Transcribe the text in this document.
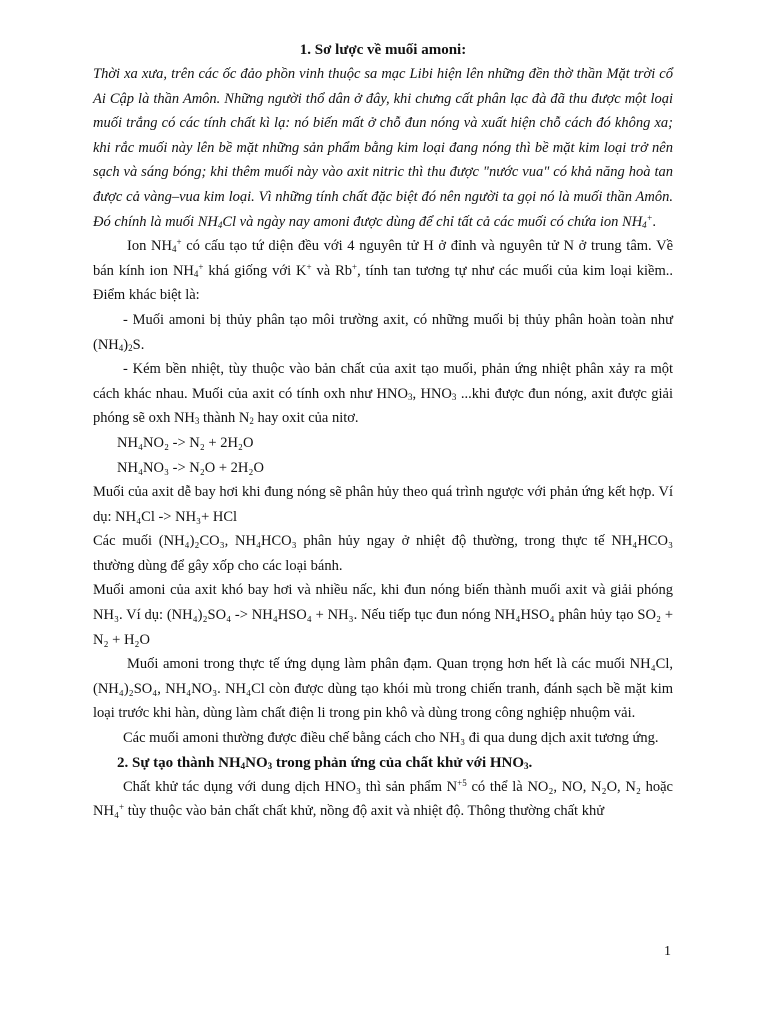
1. Sơ lược về muối amoni:

Thời xa xưa, trên các ốc đảo phồn vinh thuộc sa mạc Libi hiện lên những đền thờ thần Mặt trời cổ Ai Cập là thần Amôn. Những người thổ dân ở đây, khi chưng cất phân lạc đà đã thu được một loại muối trắng có các tính chất kì lạ: nó biến mất ở chỗ đun nóng và xuất hiện chỗ cách đó không xa; khi rắc muối này lên bề mặt những sản phẩm bằng kim loại đang nóng thì bề mặt kim loại trở nên sạch và sáng bóng; khi thêm muối này vào axit nitric thì thu được "nước vua" có khả năng hoà tan được cả vàng–vua kim loại. Vì những tính chất đặc biệt đó nên người ta gọi nó là muối thần Amôn. Đó chính là muối $NH_4Cl$ và ngày nay amoni được dùng để chỉ tất cả các muối có chứa ion $NH_4^+$.

Ion $NH_4^+$ có cấu tạo tứ diện đều với 4 nguyên tử H ở đỉnh và nguyên tử N ở trung tâm. Về bán kính ion $NH_4^+$ khá giống với K+ và Rb+, tính tan tương tự như các muối của kim loại kiềm.. Điểm khác biệt là:

- Muối amoni bị thủy phân tạo môi trường axit, có những muối bị thủy phân hoàn toàn như $(NH_4)_2S$.

- Kém bền nhiệt, tùy thuộc vào bản chất của axit tạo muối, phản ứng nhiệt phân xảy ra một cách khác nhau. Muối của axit có tính oxh như $HNO_3$, $HNO_3$ ...khi được đun nóng, axit được giải phóng sẽ oxh $NH_3$ thành $N_2$ hay oxit của nitơ.

NH₄NO₂ -> N₂ + 2H₂O

NH₄NO₃ -> N₂O + 2H₂O

Muối của axit dễ bay hơi khi đung nóng sẽ phân hủy theo quá trình ngược với phản ứng kết hợp. Ví dụ: NH₄Cl -> NH₃+ HCl

Các muối (NH₄)₂CO₃, NH₄HCO₃ phân hủy ngay ở nhiệt độ thường, trong thực tế NH₄HCO₃ thường dùng để gây xốp cho các loại bánh.

Muối amoni của axit khó bay hơi và nhiều nấc, khi đun nóng biến thành muối axit và giải phóng NH₃. Ví dụ: (NH₄)₂SO₄ -> NH₄HSO₄ + NH₃. Nếu tiếp tục đun nóng NH₄HSO₄ phân hủy tạo SO₂ + N₂ + H₂O

Muối amoni trong thực tế ứng dụng làm phân đạm. Quan trọng hơn hết là các muối NH₄Cl, (NH₄)₂SO₄, NH₄NO₃. NH₄Cl còn được dùng tạo khói mù trong chiến tranh, đánh sạch bề mặt kim loại trước khi hàn, dùng làm chất điện li trong pin khô và dùng trong công nghiệp nhuộm vải.

Các muối amoni thường được điều chế bằng cách cho NH₃ đi qua dung dịch axit tương ứng.

2. Sự tạo thành $NH_4NO_3$ trong phản ứng của chất khử với $HNO_3$.

Chất khử tác dụng với dung dịch HNO₃ thì sản phẩm $N^{+5}$ có thể là NO₂, NO, N₂O, N₂ hoặc NH₄+ tùy thuộc vào bản chất chất khử, nồng độ axit và nhiệt độ. Thông thường chất khử

1
